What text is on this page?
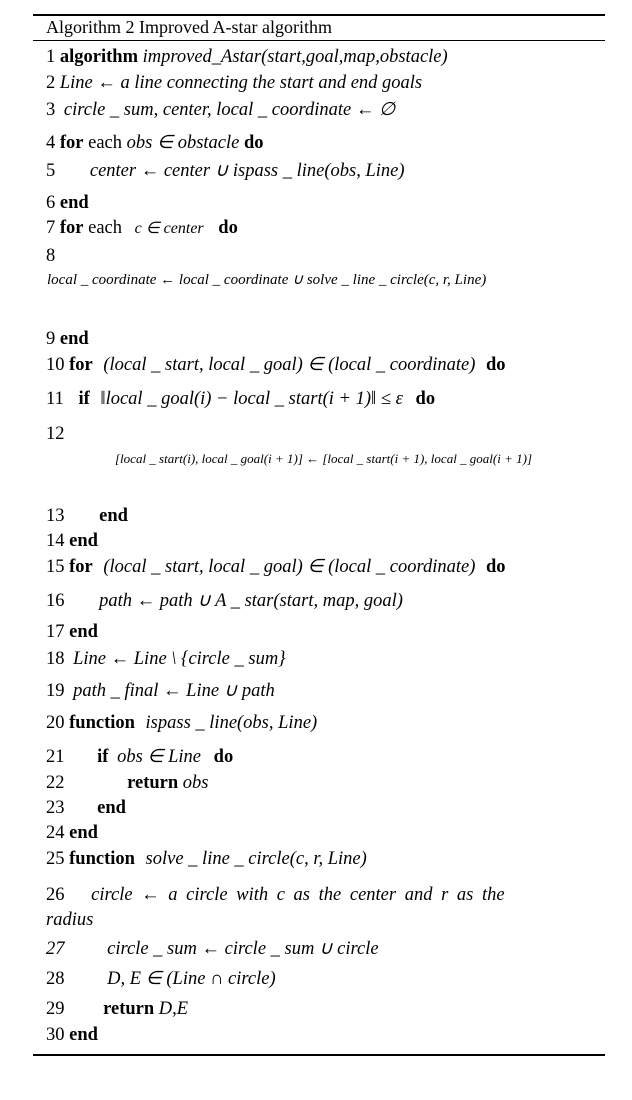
Algorithm 2 Improved A-star algorithm
1 algorithm improved_Astar(start,goal,map,obstacle)
2 Line ← a line connecting the start and end goals
3 circle _ sum, center, local _ coordinate ← ∅
4 for each obs ∈ obstacle do
5 center ← center ∪ ispass _ line(obs, Line)
6 end
7 for each c ∈ center do
8
local _ coordinate ← local _ coordinate ∪ solve _ line _ circle(c, r, Line)
9 end
10 for (local _ start, local _ goal) ∈ (local _ coordinate) do
11 if ‖local _ goal(i) − local _ start(i + 1)‖ ≤ ε do
12
[local _ start(i), local _ goal(i + 1)] ← [local _ start(i + 1), local _ goal(i + 1)]
13 end
14 end
15 for (local _ start, local _ goal) ∈ (local _ coordinate) do
16 path ← path ∪ A _ star(start, map, goal)
17 end
18 Line ← Line \ {circle _ sum}
19 path _ final ← Line ∪ path
20 function ispass _ line(obs, Line)
21 if obs ∈ Line do
22	return obs
23 end
24 end
25 function solve _ line _ circle(c, r, Line)
26 circle ← a circle with c as the center and r as the
radius
27 circle _ sum ← circle _ sum ∪ circle
28 D, E ∈ (Line ∩ circle)
29 return D,E
30 end
